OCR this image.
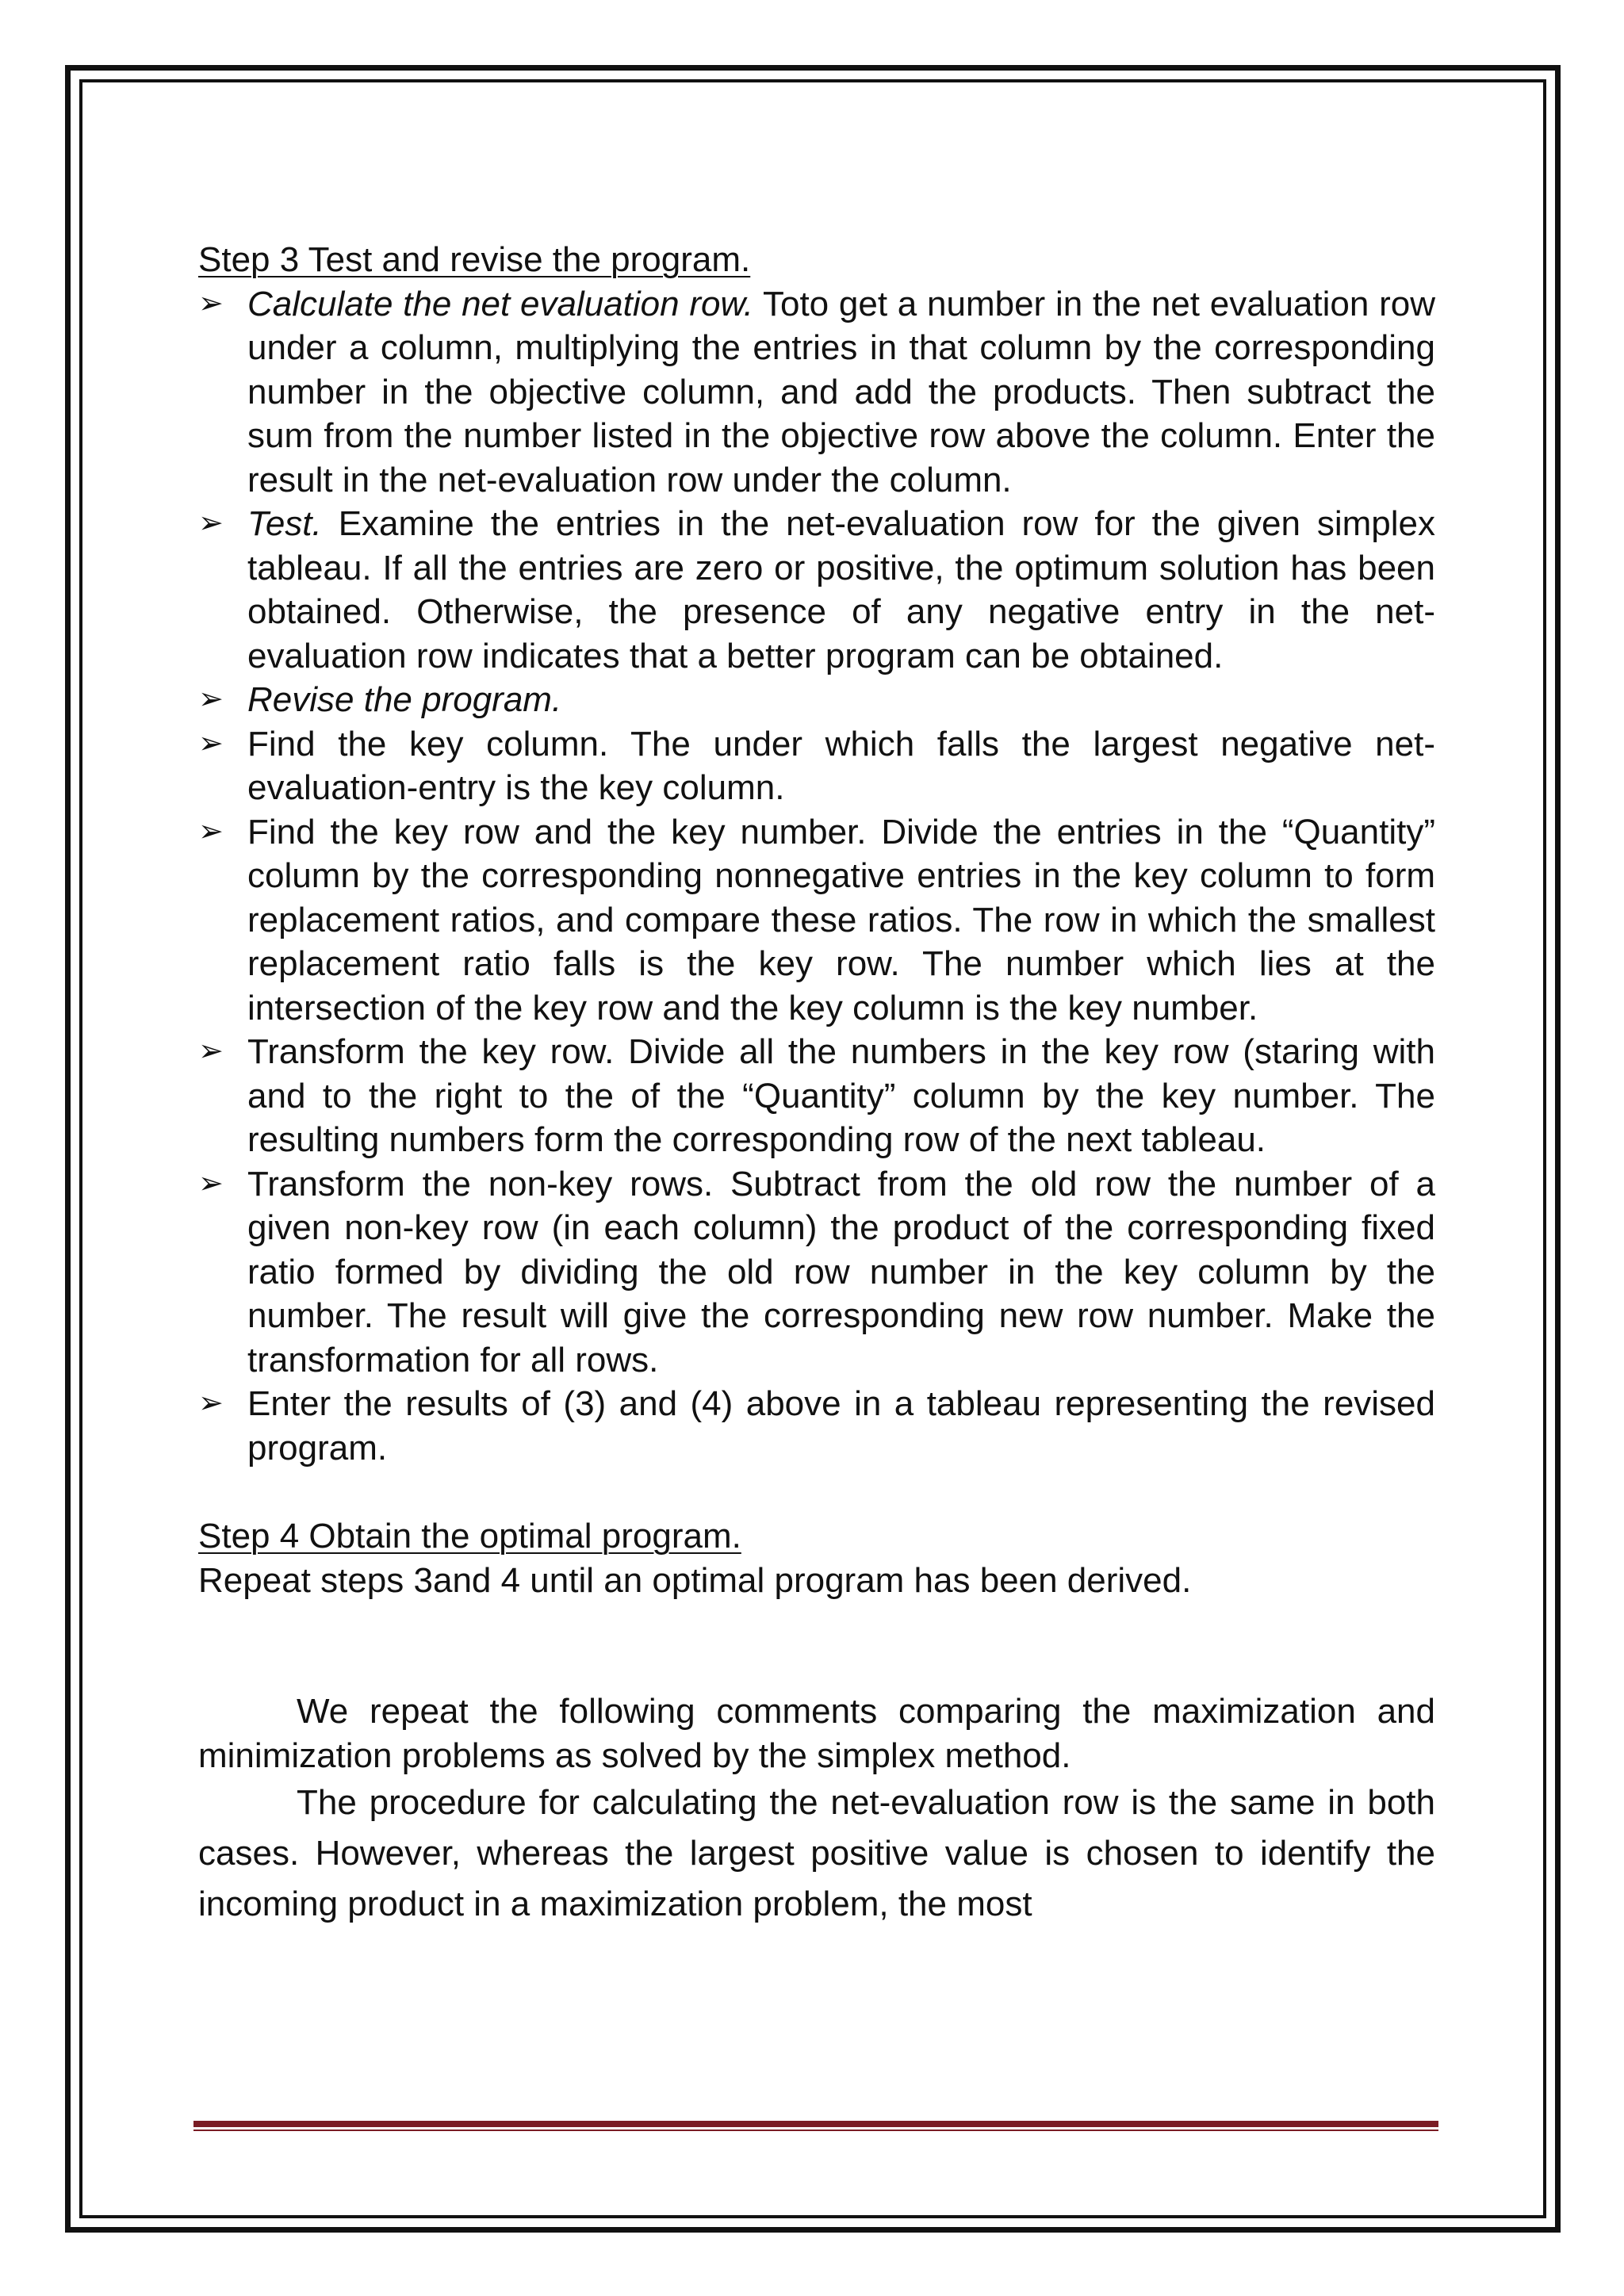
Step 3 Test and revise the program.

➢ Calculate the net evaluation row. Toto get a number in the net evaluation row under a column, multiplying the entries in that column by the corresponding number in the objective column, and add the products. Then subtract the sum from the number listed in the objective row above the column. Enter the result in the net-evaluation row under the column.
➢ Test. Examine the entries in the net-evaluation row for the given simplex tableau. If all the entries are zero or positive, the optimum solution has been obtained. Otherwise, the presence of any negative entry in the net-evaluation row indicates that a better program can be obtained.
➢ Revise the program.
➢ Find the key column. The under which falls the largest negative net-evaluation-entry is the key column.
➢ Find the key row and the key number. Divide the entries in the “Quantity” column by the corresponding nonnegative entries in the key column to form replacement ratios, and compare these ratios. The row in which the smallest replacement ratio falls is the key row. The number which lies at the intersection of the key row and the key column is the key number.
➢ Transform the key row. Divide all the numbers in the key row (staring with and to the right to the of the “Quantity” column by the key number. The resulting numbers form the corresponding row of the next tableau.
➢ Transform the non-key rows. Subtract from the old row the number of a given non-key row (in each column) the product of the corresponding fixed ratio formed by dividing the old row number in the key column by the number. The result will give the corresponding new row number. Make the transformation for all rows.
➢ Enter the results of (3) and (4) above in a tableau representing the revised program.

Step 4 Obtain the optimal program.

Repeat steps 3and 4 until an optimal program has been derived.

We repeat the following comments comparing the maximization and minimization problems as solved by the simplex method.

The procedure for calculating the net-evaluation row is the same in both cases. However, whereas the largest positive value is chosen to identify the incoming product in a maximization problem, the most
